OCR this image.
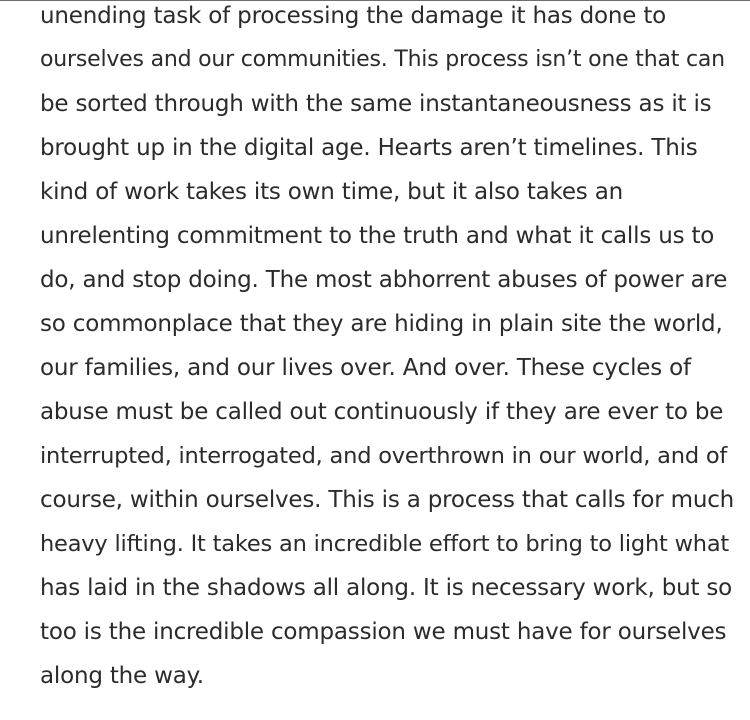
unending task of processing the damage it has done to
ourselves and our communities. This process isn’t one that can
be sorted through with the same instantaneousness as it is
brought up in the digital age. Hearts aren’t timelines. This
kind of work takes its own time, but it also takes an
unrelenting commitment to the truth and what it calls us to
do, and stop doing. The most abhorrent abuses of power are
so commonplace that they are hiding in plain site the world,
our families, and our lives over. And over. These cycles of
abuse must be called out continuously if they are ever to be
interrupted, interrogated, and overthrown in our world, and of
course, within ourselves. This is a process that calls for much
heavy lifting. It takes an incredible effort to bring to light what
has laid in the shadows all along. It is necessary work, but so
too is the incredible compassion we must have for ourselves
along the way.
